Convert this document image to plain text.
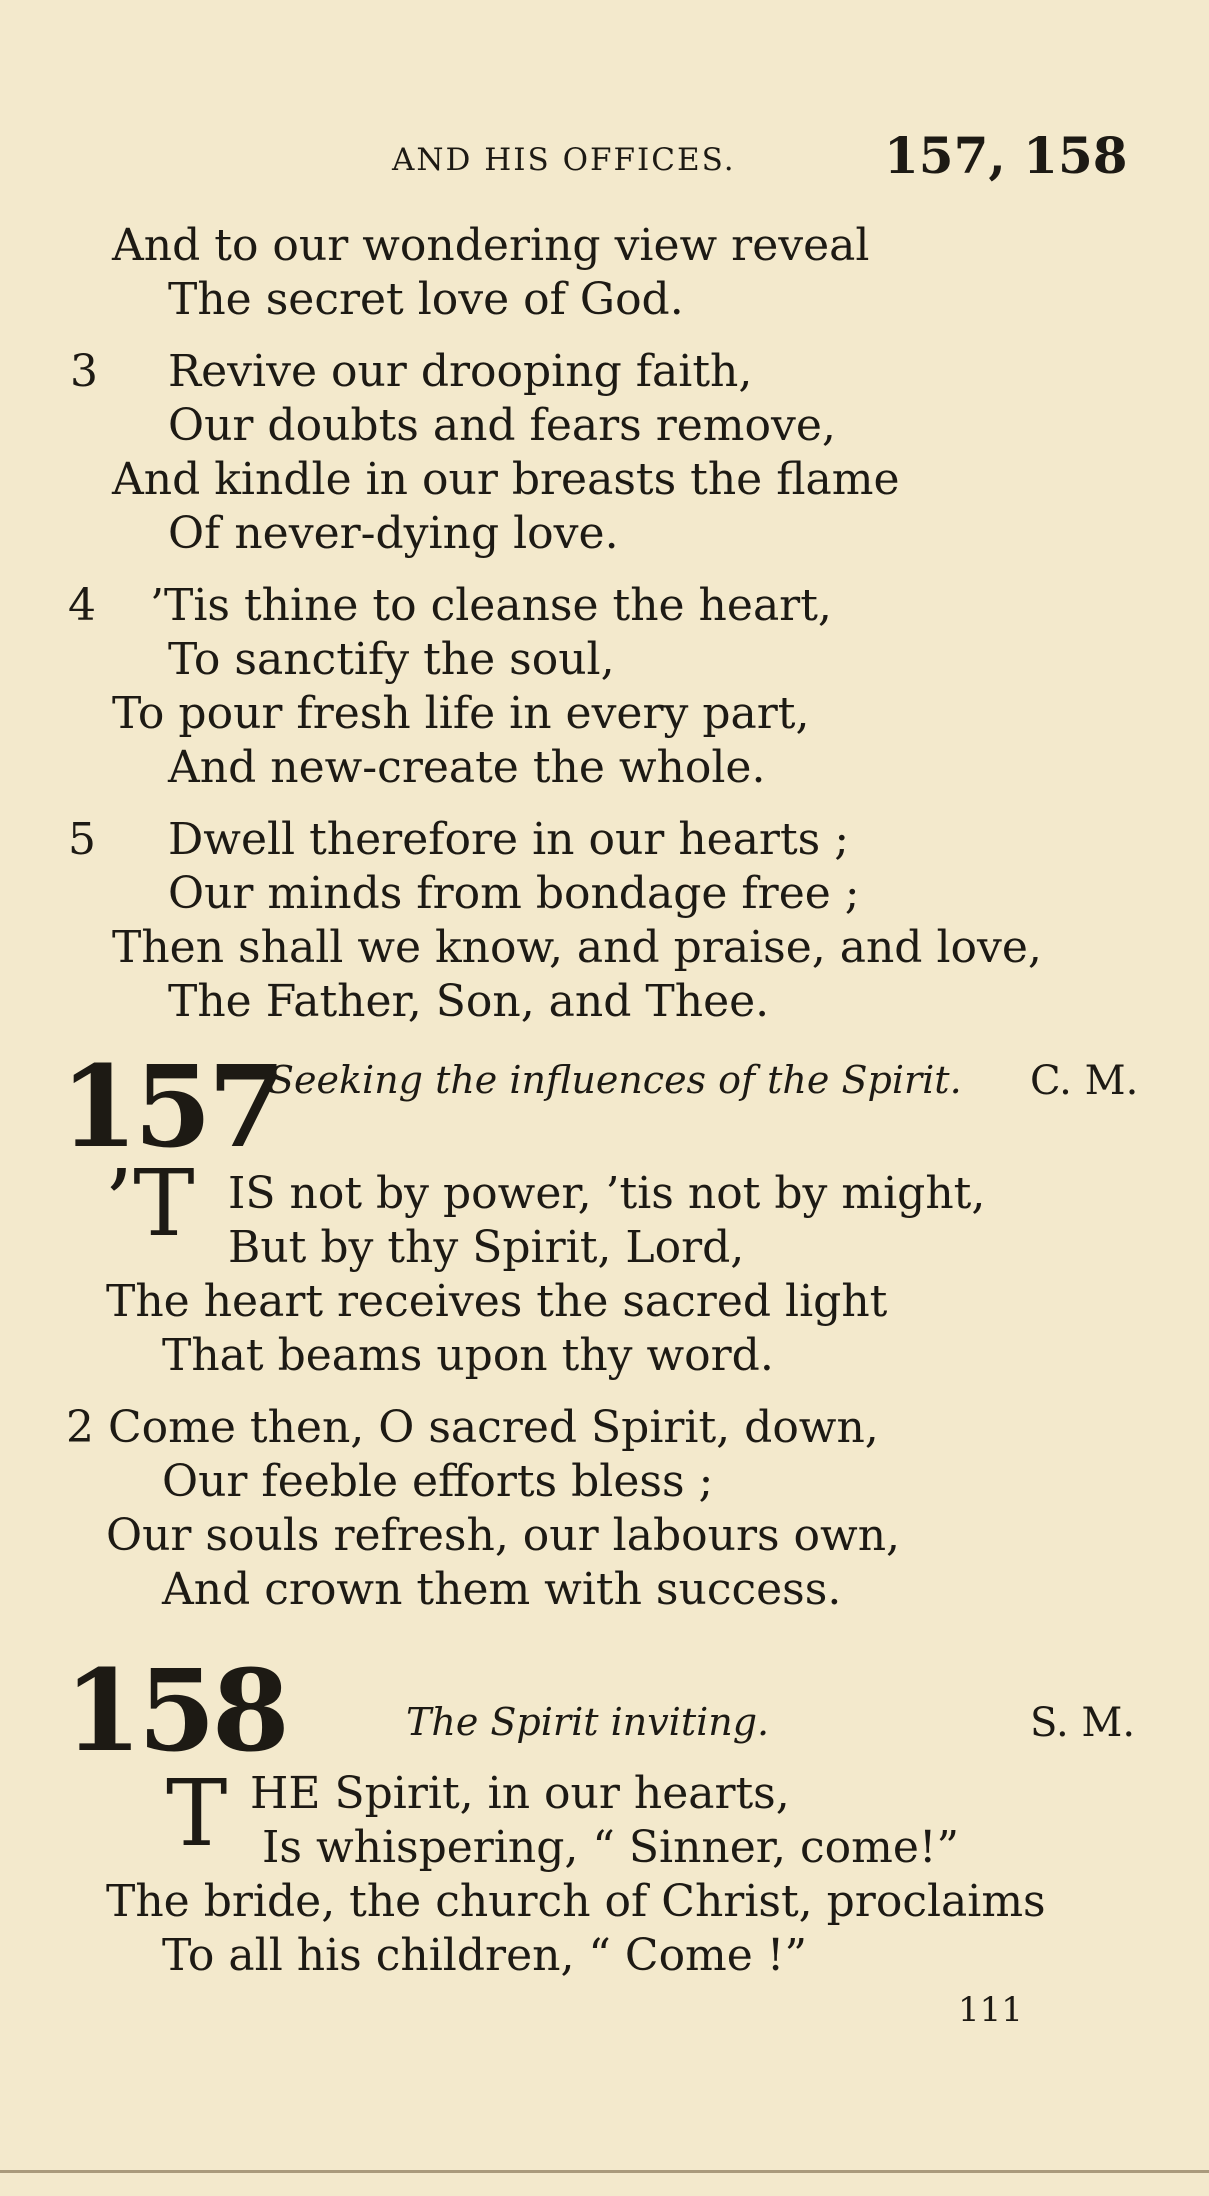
AND HIS OFFICES.	157, 158
And to our wondering view reveal
The secret love of God.
3 Revive our drooping faith,
Our doubts and fears remove,
And kindle in our breasts the flame
Of never-dying love.
4 ’Tis thine to cleanse the heart,
To sanctify the soul,
To pour fresh life in every part,
And new-create the whole.
5 Dwell therefore in our hearts ;
Our minds from bondage free ;
Then shall we know, and praise, and love,
The Father, Son, and Thee.
157
Seeking the influences of the Spirit. C. M.
’T IS not by power, ’tis not by might,
But by thy Spirit, Lord,
The heart receives the sacred light
That beams upon thy word.
2 Come then, O sacred Spirit, down,
Our feeble efforts bless ;
Our souls refresh, our labours own,
And crown them with success.
158	The Spirit inviting.	S. M.
T HE Spirit, in our hearts,
Is whispering, “ Sinner, come!”
The bride, the church of Christ, proclaims
To all his children, “ Come !”
111
